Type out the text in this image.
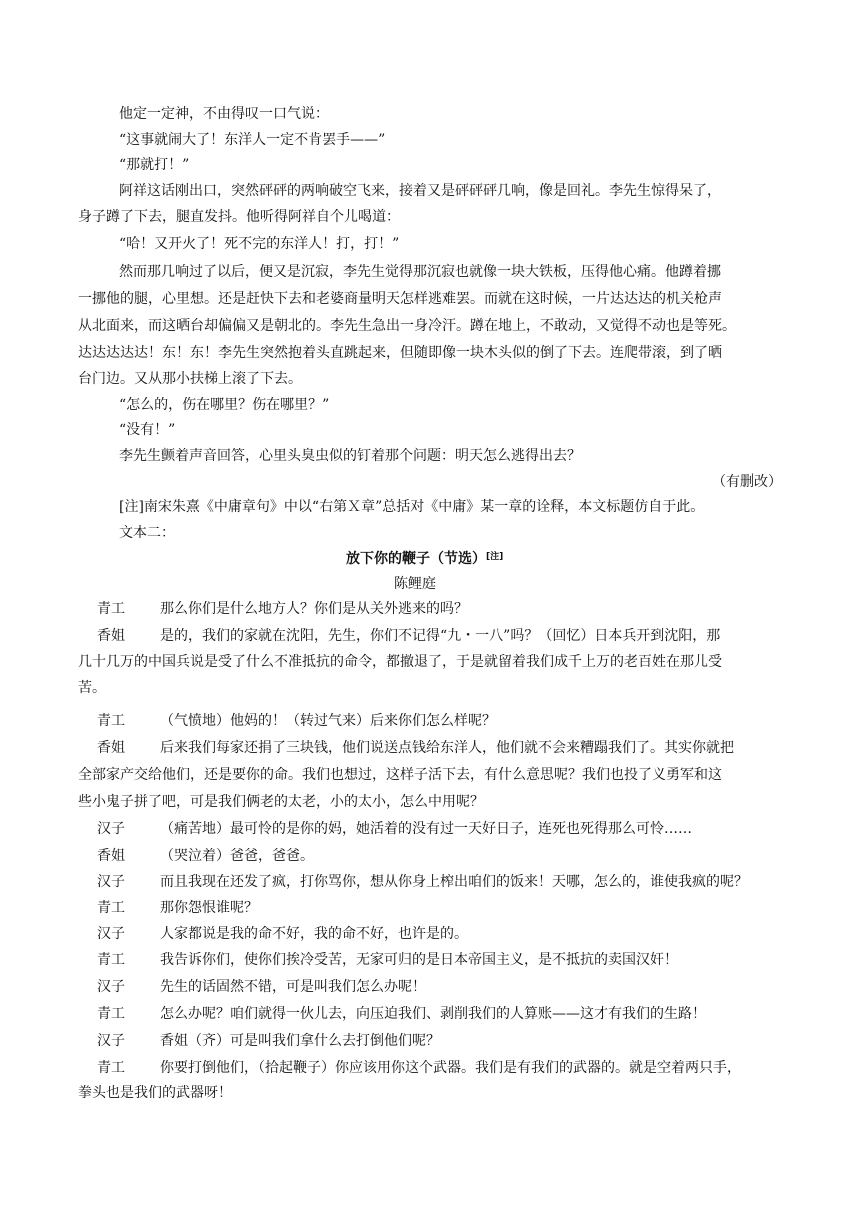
他定一定神，不由得叹一口气说：
“这事就闹大了！东洋人一定不肯罢手——”
“那就打！”
阿祥这话刚出口，突然砰砰的两响破空飞来，接着又是砰砰砰几响，像是回礼。李先生惊得呆了，
身子蹲了下去，腿直发抖。他听得阿祥自个儿喝道：
“哈！又开火了！死不完的东洋人！打，打！”
然而那几响过了以后，便又是沉寂，李先生觉得那沉寂也就像一块大铁板，压得他心痛。他蹲着挪
一挪他的腿，心里想。还是赶快下去和老婆商量明天怎样逃难罢。而就在这时候，一片达达达的机关枪声
从北面来，而这晒台却偏偏又是朝北的。李先生急出一身冷汗。蹲在地上，不敢动，又觉得不动也是等死。
达达达达达！东！东！李先生突然抱着头直跳起来，但随即像一块木头似的倒了下去。连爬带滚，到了晒
台门边。又从那小扶梯上滚了下去。
“怎么的，伤在哪里？伤在哪里？”
“没有！”
李先生颤着声音回答，心里头臭虫似的钉着那个问题：明天怎么逃得出去？
（有删改）
[注]南宋朱熹《中庸章句》中以“右第Ｘ章”总括对《中庸》某一章的诠释，本文标题仿自于此。
文本二：
放下你的鞭子（节选）[注]
陈鲤庭
青工	那么你们是什么地方人？你们是从关外逃来的吗？
香姐	是的，我们的家就在沈阳，先生，你们不记得“九・一八”吗？（回忆）日本兵开到沈阳，那
几十几万的中国兵说是受了什么不准抵抗的命令，都撤退了，于是就留着我们成千上万的老百姓在那儿受
苦。
青工	（气愤地）他妈的！（转过气来）后来你们怎么样呢？
香姐	后来我们每家还捐了三块钱，他们说送点钱给东洋人，他们就不会来糟蹋我们了。其实你就把
全部家产交给他们，还是要你的命。我们也想过，这样子活下去，有什么意思呢？我们也投了义勇军和这
些小鬼子拼了吧，可是我们俩老的太老，小的太小，怎么中用呢？
汉子	（痛苦地）最可怜的是你的妈，她活着的没有过一天好日子，连死也死得那么可怜……
香姐	（哭泣着）爸爸，爸爸。
汉子	而且我现在还发了疯，打你骂你，想从你身上榨出咱们的饭来！天哪，怎么的，谁使我疯的呢？
青工	那你怨恨谁呢？
汉子	人家都说是我的命不好，我的命不好，也许是的。
青工	我告诉你们，使你们挨冷受苦，无家可归的是日本帝国主义，是不抵抗的卖国汉奸！
汉子	先生的话固然不错，可是叫我们怎么办呢！
青工	怎么办呢？咱们就得一伙儿去，向压迫我们、剥削我们的人算账——这才有我们的生路！
汉子	香姐（齐）可是叫我们拿什么去打倒他们呢？
青工	你要打倒他们，（拾起鞭子）你应该用你这个武器。我们是有我们的武器的。就是空着两只手，
拳头也是我们的武器呀！
